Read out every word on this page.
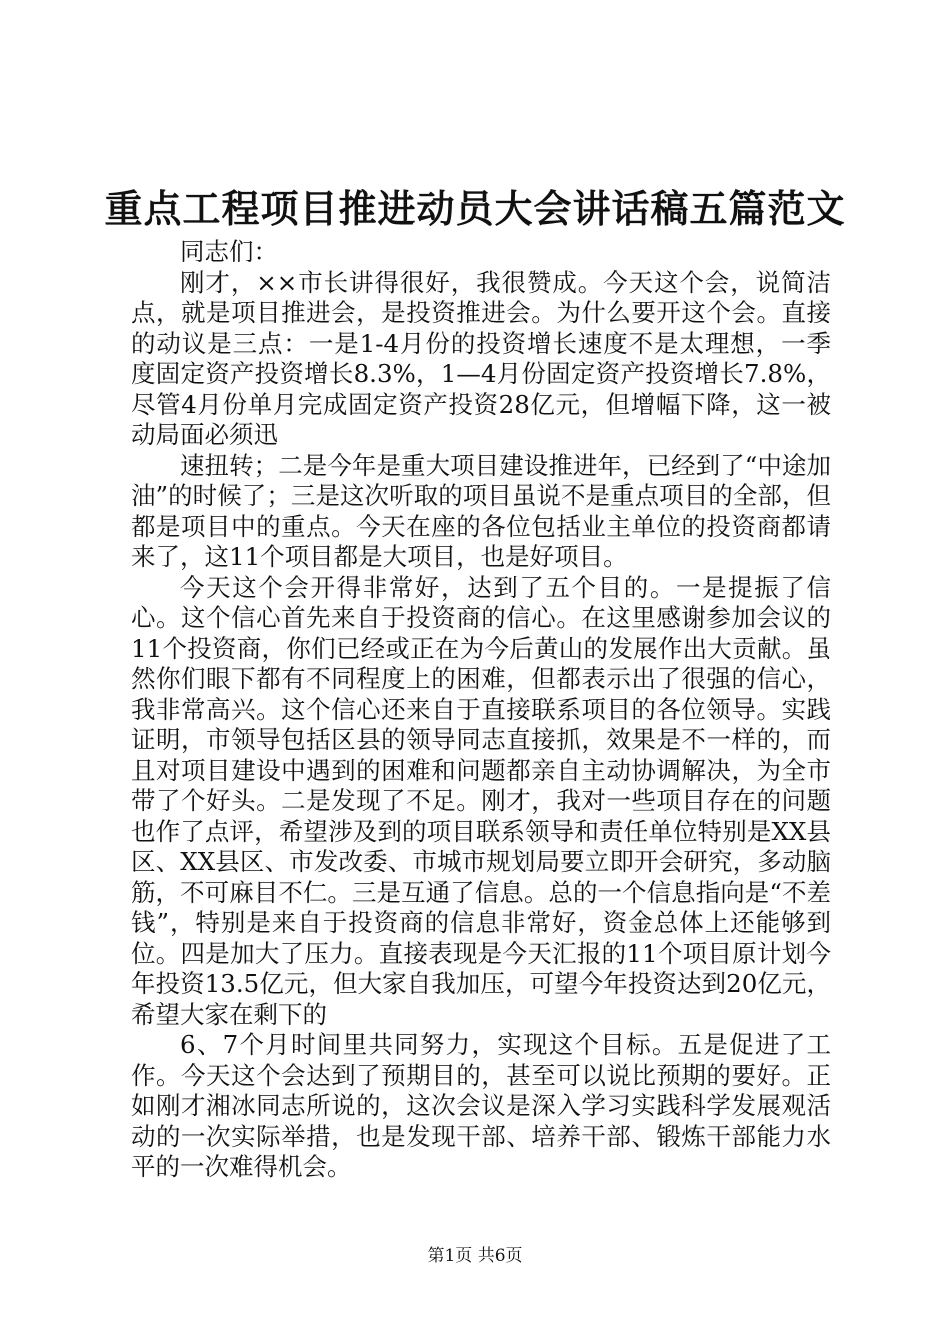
重点工程项目推进动员大会讲话稿五篇范文

同志们：

刚才，××市长讲得很好，我很赞成。今天这个会，说简洁点，就是项目推进会，是投资推进会。为什么要开这个会。直接的动议是三点：一是1-4月份的投资增长速度不是太理想，一季度固定资产投资增长8.3%，1—4月份固定资产投资增长7.8%，尽管4月份单月完成固定资产投资28亿元，但增幅下降，这一被动局面必须迅

速扭转；二是今年是重大项目建设推进年，已经到了“中途加油”的时候了；三是这次听取的项目虽说不是重点项目的全部，但都是项目中的重点。今天在座的各位包括业主单位的投资商都请来了，这11个项目都是大项目，也是好项目。

今天这个会开得非常好，达到了五个目的。一是提振了信心。这个信心首先来自于投资商的信心。在这里感谢参加会议的11个投资商，你们已经或正在为今后黄山的发展作出大贡献。虽然你们眼下都有不同程度上的困难，但都表示出了很强的信心，我非常高兴。这个信心还来自于直接联系项目的各位领导。实践证明，市领导包括区县的领导同志直接抓，效果是不一样的，而且对项目建设中遇到的困难和问题都亲自主动协调解决，为全市带了个好头。二是发现了不足。刚才，我对一些项目存在的问题也作了点评，希望涉及到的项目联系领导和责任单位特别是XX县区、XX县区、市发改委、市城市规划局要立即开会研究，多动脑筋，不可麻目不仁。三是互通了信息。总的一个信息指向是“不差钱”，特别是来自于投资商的信息非常好，资金总体上还能够到位。四是加大了压力。直接表现是今天汇报的11个项目原计划今年投资13.5亿元，但大家自我加压，可望今年投资达到20亿元，希望大家在剩下的

6、7个月时间里共同努力，实现这个目标。五是促进了工作。今天这个会达到了预期目的，甚至可以说比预期的要好。正如刚才湘冰同志所说的，这次会议是深入学习实践科学发展观活动的一次实际举措，也是发现干部、培养干部、锻炼干部能力水平的一次难得机会。

第1页 共6页
